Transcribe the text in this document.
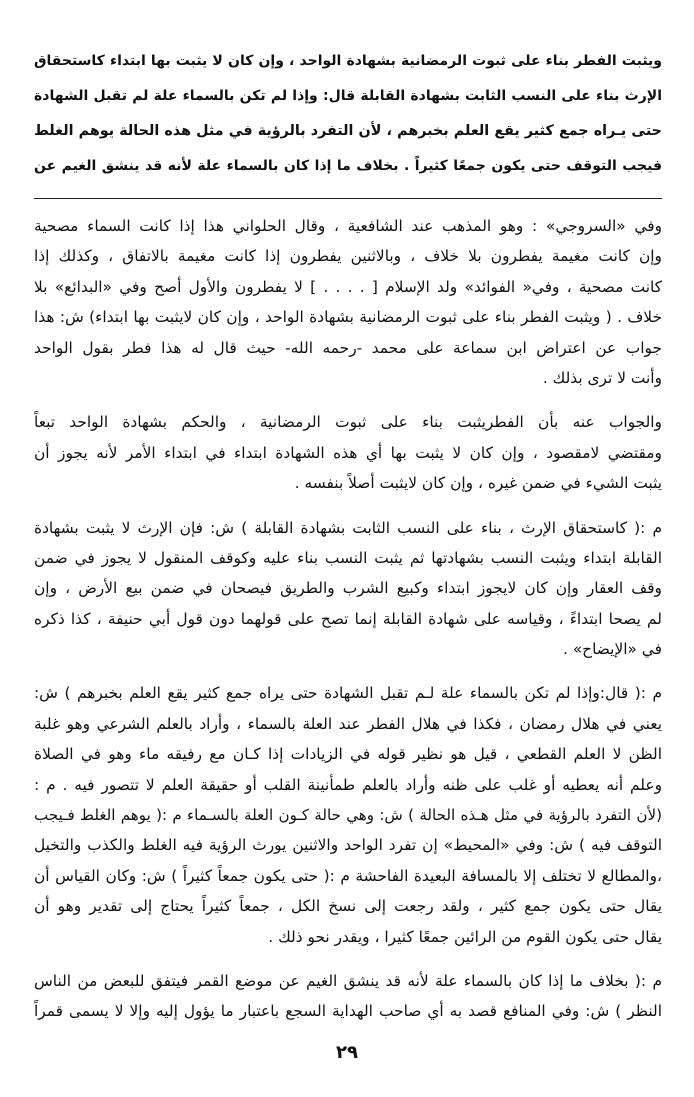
ويثبت الفطر بناء على ثبوت الرمضانية بشهادة الواحد ، وإن كان لا يثبت بها ابتداء كاستحقاق
الإرث بناء على النسب الثابت بشهادة القابلة قال: وإذا لم تكن بالسماء علة لم تقبل الشهادة
حتى يـراه جمع كثير يقع العلم بخبرهم ، لأن التفرد بالرؤية في مثل هذه الحالة يوهم الغلط
فيجب التوقف حتى يكون جمعًا كثيراً . بخلاف ما إذا كان بالسماء علة لأنه قد ينشق الغيم عن
وفي «السروجي» : وهو المذهب عند الشافعية ، وقال الحلواني هذا إذا كانت السماء مصحية
وإن كانت مغيمة يفطرون بلا خلاف ، وبالاثنين يفطرون إذا كانت مغيمة بالاتفاق ، وكذلك إذا
كانت مصحية ، وفي« الفوائد» ولد الإسلام [ . . . . ] لا يفطرون والأول أصح وفي «البدائع» بلا
خلاف . ( ويثبت الفطر بناء على ثبوت الرمضانية بشهادة الواحد ، وإن كان لايثبت بها ابتداء) ش: هذا
جواب عن اعتراض ابن سماعة على محمد -رحمه الله- حيث قال له هذا فطر بقول الواحد
وأنت لا ترى بذلك .
والجواب عنه بأن الفطريثبت بناء على ثبوت الرمضانية ، والحكم بشهادة الواحد تبعاً
ومقتضي لامقصود ، وإن كان لا يثبت بها أي هذه الشهادة ابتداء في ابتداء الأمر لأنه يجوز أن
يثبت الشيء في ضمن غيره ، وإن كان لايثبت أصلاً بنفسه .
م :( كاستحقاق الإرث ، بناء على النسب الثابت بشهادة القابلة ) ش: فإن الإرث لا يثبت بشهادة
القابلة ابتداء ويثبت النسب بشهادتها ثم يثبت النسب بناء عليه وكوقف المنقول لا يجوز في ضمن
وقف العقار وإن كان لايجوز ابتداء وكبيع الشرب والطريق فيصحان في ضمن بيع الأرض ، وإن
لم يصحا ابتداءً ، وقياسه على شهادة القابلة إنما تصح على قولهما دون قول أبي حنيفة ، كذا ذكره
في «الإيضاح» .
م :( قال:وإذا لم تكن بالسماء علة لـم تقبل الشهادة حتى يراه جمع كثير يقع العلم بخبرهم ) ش:
يعني في هلال رمضان ، فكذا في هلال الفطر عند العلة بالسماء ، وأراد بالعلم الشرعي وهو غلبة
الظن لا العلم القطعي ، قيل هو نظير قوله في الزيادات إذا كـان مع رفيقه ماء وهو في الصلاة
وعلم أنه يعطيه أو غلب على ظنه وأراد بالعلم طمأنينة القلب أو حقيقة العلم لا تتصور فيه . م :
(لأن التفرد بالرؤية في مثل هـذه الحالة ) ش: وهي حالة كـون العلة بالسـماء م :( يوهم الغلط فـيجب
التوقف فيه ) ش: وفي «المحيط» إن تفرد الواحد والاثنين يورث الرؤية فيه الغلط والكذب والتخيل
،والمطالع لا تختلف إلا بالمسافة البعيدة الفاحشة م :( حتى يكون جمعاً كثيراً ) ش: وكان القياس أن
يقال حتى يكون جمع كثير ، ولقد رجعت إلى نسخ الكل ، جمعاً كثيراً يحتاج إلى تقدير وهو أن
يقال حتى يكون القوم من الرائين جمعًا كثيرا ، ويقدر نحو ذلك .
م :( بخلاف ما إذا كان بالسماء علة لأنه قد ينشق الغيم عن موضع القمر فيتفق للبعض من الناس
النظر ) ش: وفي المنافع قصد به أي صاحب الهداية السجع باعتبار ما يؤول إليه وإلا لا يسمى قمراً
٢٩
